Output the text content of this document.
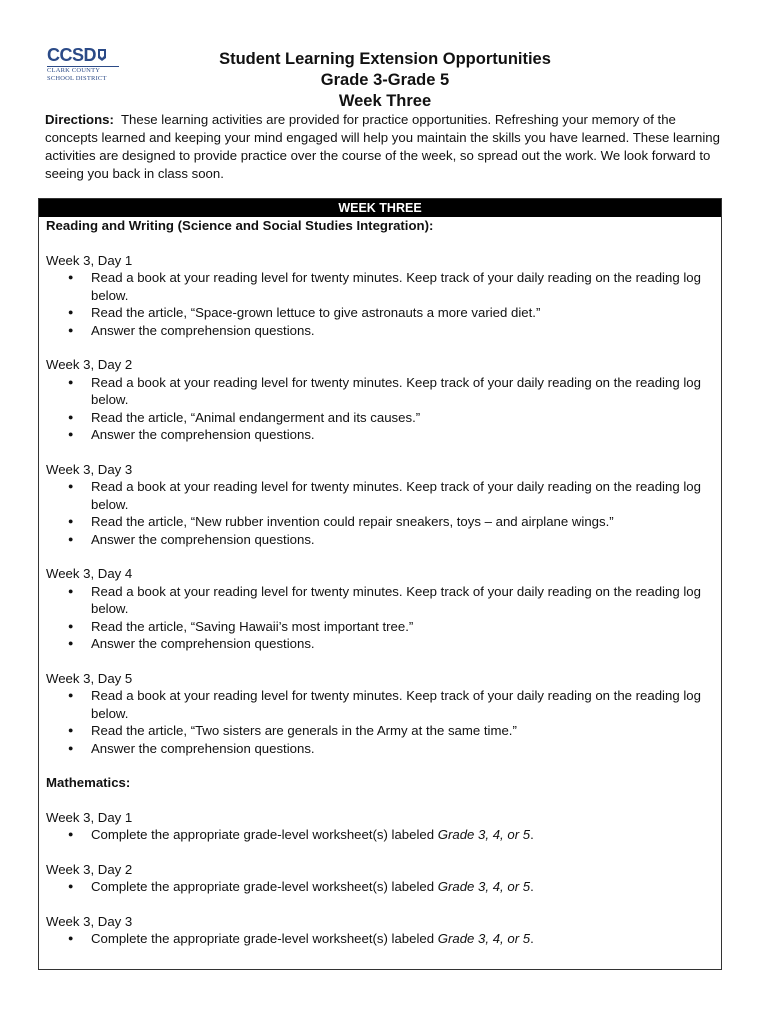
CCSD
CLARK COUNTY
SCHOOL DISTRICT
Student Learning Extension Opportunities
Grade 3-Grade 5
Week Three
Directions: These learning activities are provided for practice opportunities. Refreshing your memory of the concepts learned and keeping your mind engaged will help you maintain the skills you have learned. These learning activities are designed to provide practice over the course of the week, so spread out the work. We look forward to seeing you back in class soon.
WEEK THREE
Reading and Writing (Science and Social Studies Integration):
Week 3, Day 1
● Read a book at your reading level for twenty minutes. Keep track of your daily reading on the reading log below.
● Read the article, “Space-grown lettuce to give astronauts a more varied diet.”
● Answer the comprehension questions.
Week 3, Day 2
● Read a book at your reading level for twenty minutes. Keep track of your daily reading on the reading log below.
● Read the article, “Animal endangerment and its causes.”
● Answer the comprehension questions.
Week 3, Day 3
● Read a book at your reading level for twenty minutes. Keep track of your daily reading on the reading log below.
● Read the article, “New rubber invention could repair sneakers, toys – and airplane wings.”
● Answer the comprehension questions.
Week 3, Day 4
● Read a book at your reading level for twenty minutes. Keep track of your daily reading on the reading log below.
● Read the article, “Saving Hawaii’s most important tree.”
● Answer the comprehension questions.
Week 3, Day 5
● Read a book at your reading level for twenty minutes. Keep track of your daily reading on the reading log below.
● Read the article, “Two sisters are generals in the Army at the same time.”
● Answer the comprehension questions.
Mathematics:
Week 3, Day 1
● Complete the appropriate grade-level worksheet(s) labeled Grade 3, 4, or 5.
Week 3, Day 2
● Complete the appropriate grade-level worksheet(s) labeled Grade 3, 4, or 5.
Week 3, Day 3
● Complete the appropriate grade-level worksheet(s) labeled Grade 3, 4, or 5.
